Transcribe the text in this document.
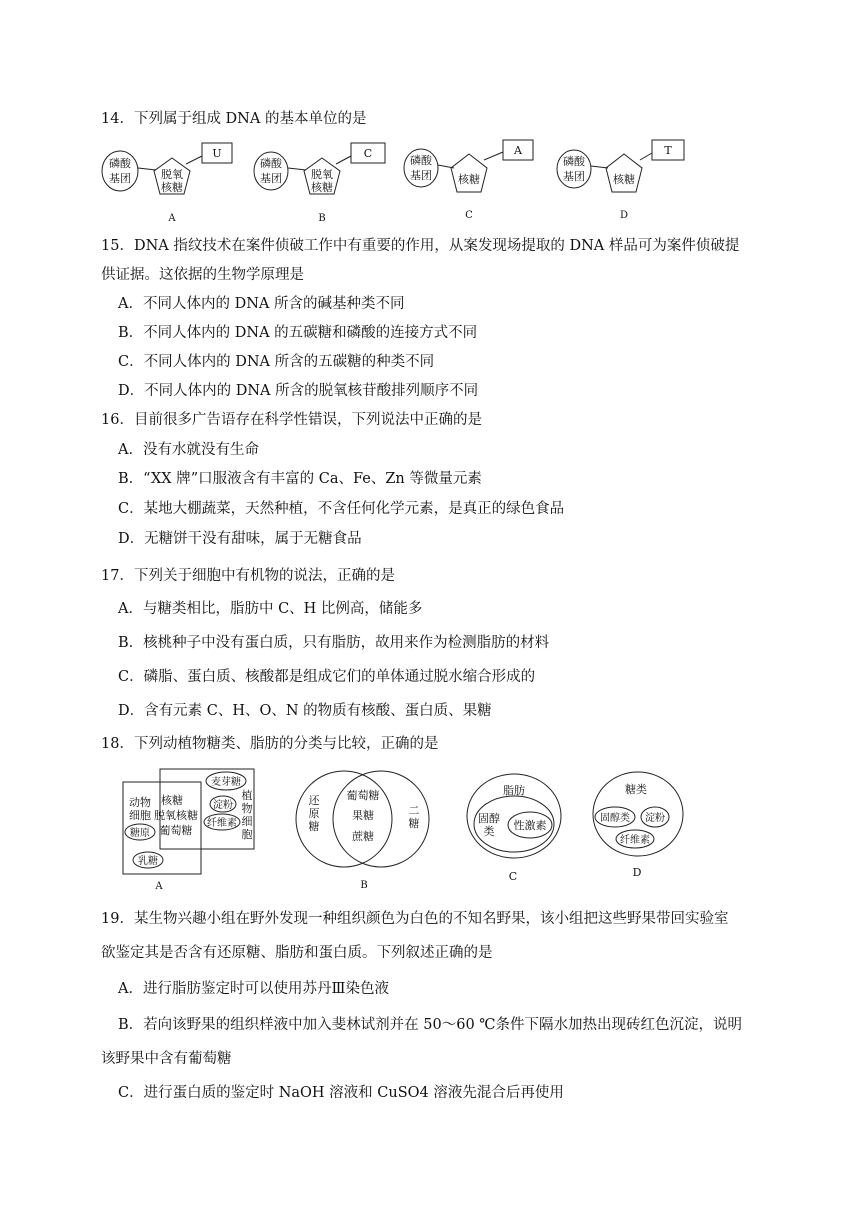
14．下列属于组成 DNA 的基本单位的是
磷酸
基团	脱氧
核糖
U
A
磷酸
基团	脱氧
核糖
C
B
磷酸
基团 核糖
A
C
磷酸
基团	核糖
T
D
15．DNA 指纹技术在案件侦破工作中有重要的作用，从案发现场提取的 DNA 样品可为案件侦破提
供证据。这依据的生物学原理是
A．不同人体内的 DNA 所含的碱基种类不同
B．不同人体内的 DNA 的五碳糖和磷酸的连接方式不同
C．不同人体内的 DNA 所含的五碳糖的种类不同
D．不同人体内的 DNA 所含的脱氧核苷酸排列顺序不同
16．目前很多广告语存在科学性错误，下列说法中正确的是
A．没有水就没有生命
B．“XX 牌”口服液含有丰富的 Ca、Fe、Zn 等微量元素
C．某地大棚蔬菜，天然种植，不含任何化学元素，是真正的绿色食品
D．无糖饼干没有甜味，属于无糖食品
17．下列关于细胞中有机物的说法，正确的是
A．与糖类相比，脂肪中 C、H 比例高，储能多
B．核桃种子中没有蛋白质，只有脂肪，故用来作为检测脂肪的材料
C．磷脂、蛋白质、核酸都是组成它们的单体通过脱水缩合形成的
D．含有元素 C、H、O、N 的物质有核酸、蛋白质、果糖
18．下列动植物糖类、脂肪的分类与比较，正确的是
动物
细胞
糖原
核糖
脱氧核糖
葡萄糖
麦芽糖
淀粉
纤维素
植
物
细
胞
乳糖
A
还
原
糖
葡萄糖
果糖
蔗糖
二
糖
B
脂肪
固醇
类 性激素
C
糖类
固醇类 淀粉
纤维素
D
19．某生物兴趣小组在野外发现一种组织颜色为白色的不知名野果，该小组把这些野果带回实验室
欲鉴定其是否含有还原糖、脂肪和蛋白质。下列叙述正确的是
A．进行脂肪鉴定时可以使用苏丹Ⅲ染色液
B．若向该野果的组织样液中加入斐林试剂并在 50～60 ℃条件下隔水加热出现砖红色沉淀，说明
该野果中含有葡萄糖
C．进行蛋白质的鉴定时 NaOH 溶液和 CuSO4 溶液先混合后再使用
